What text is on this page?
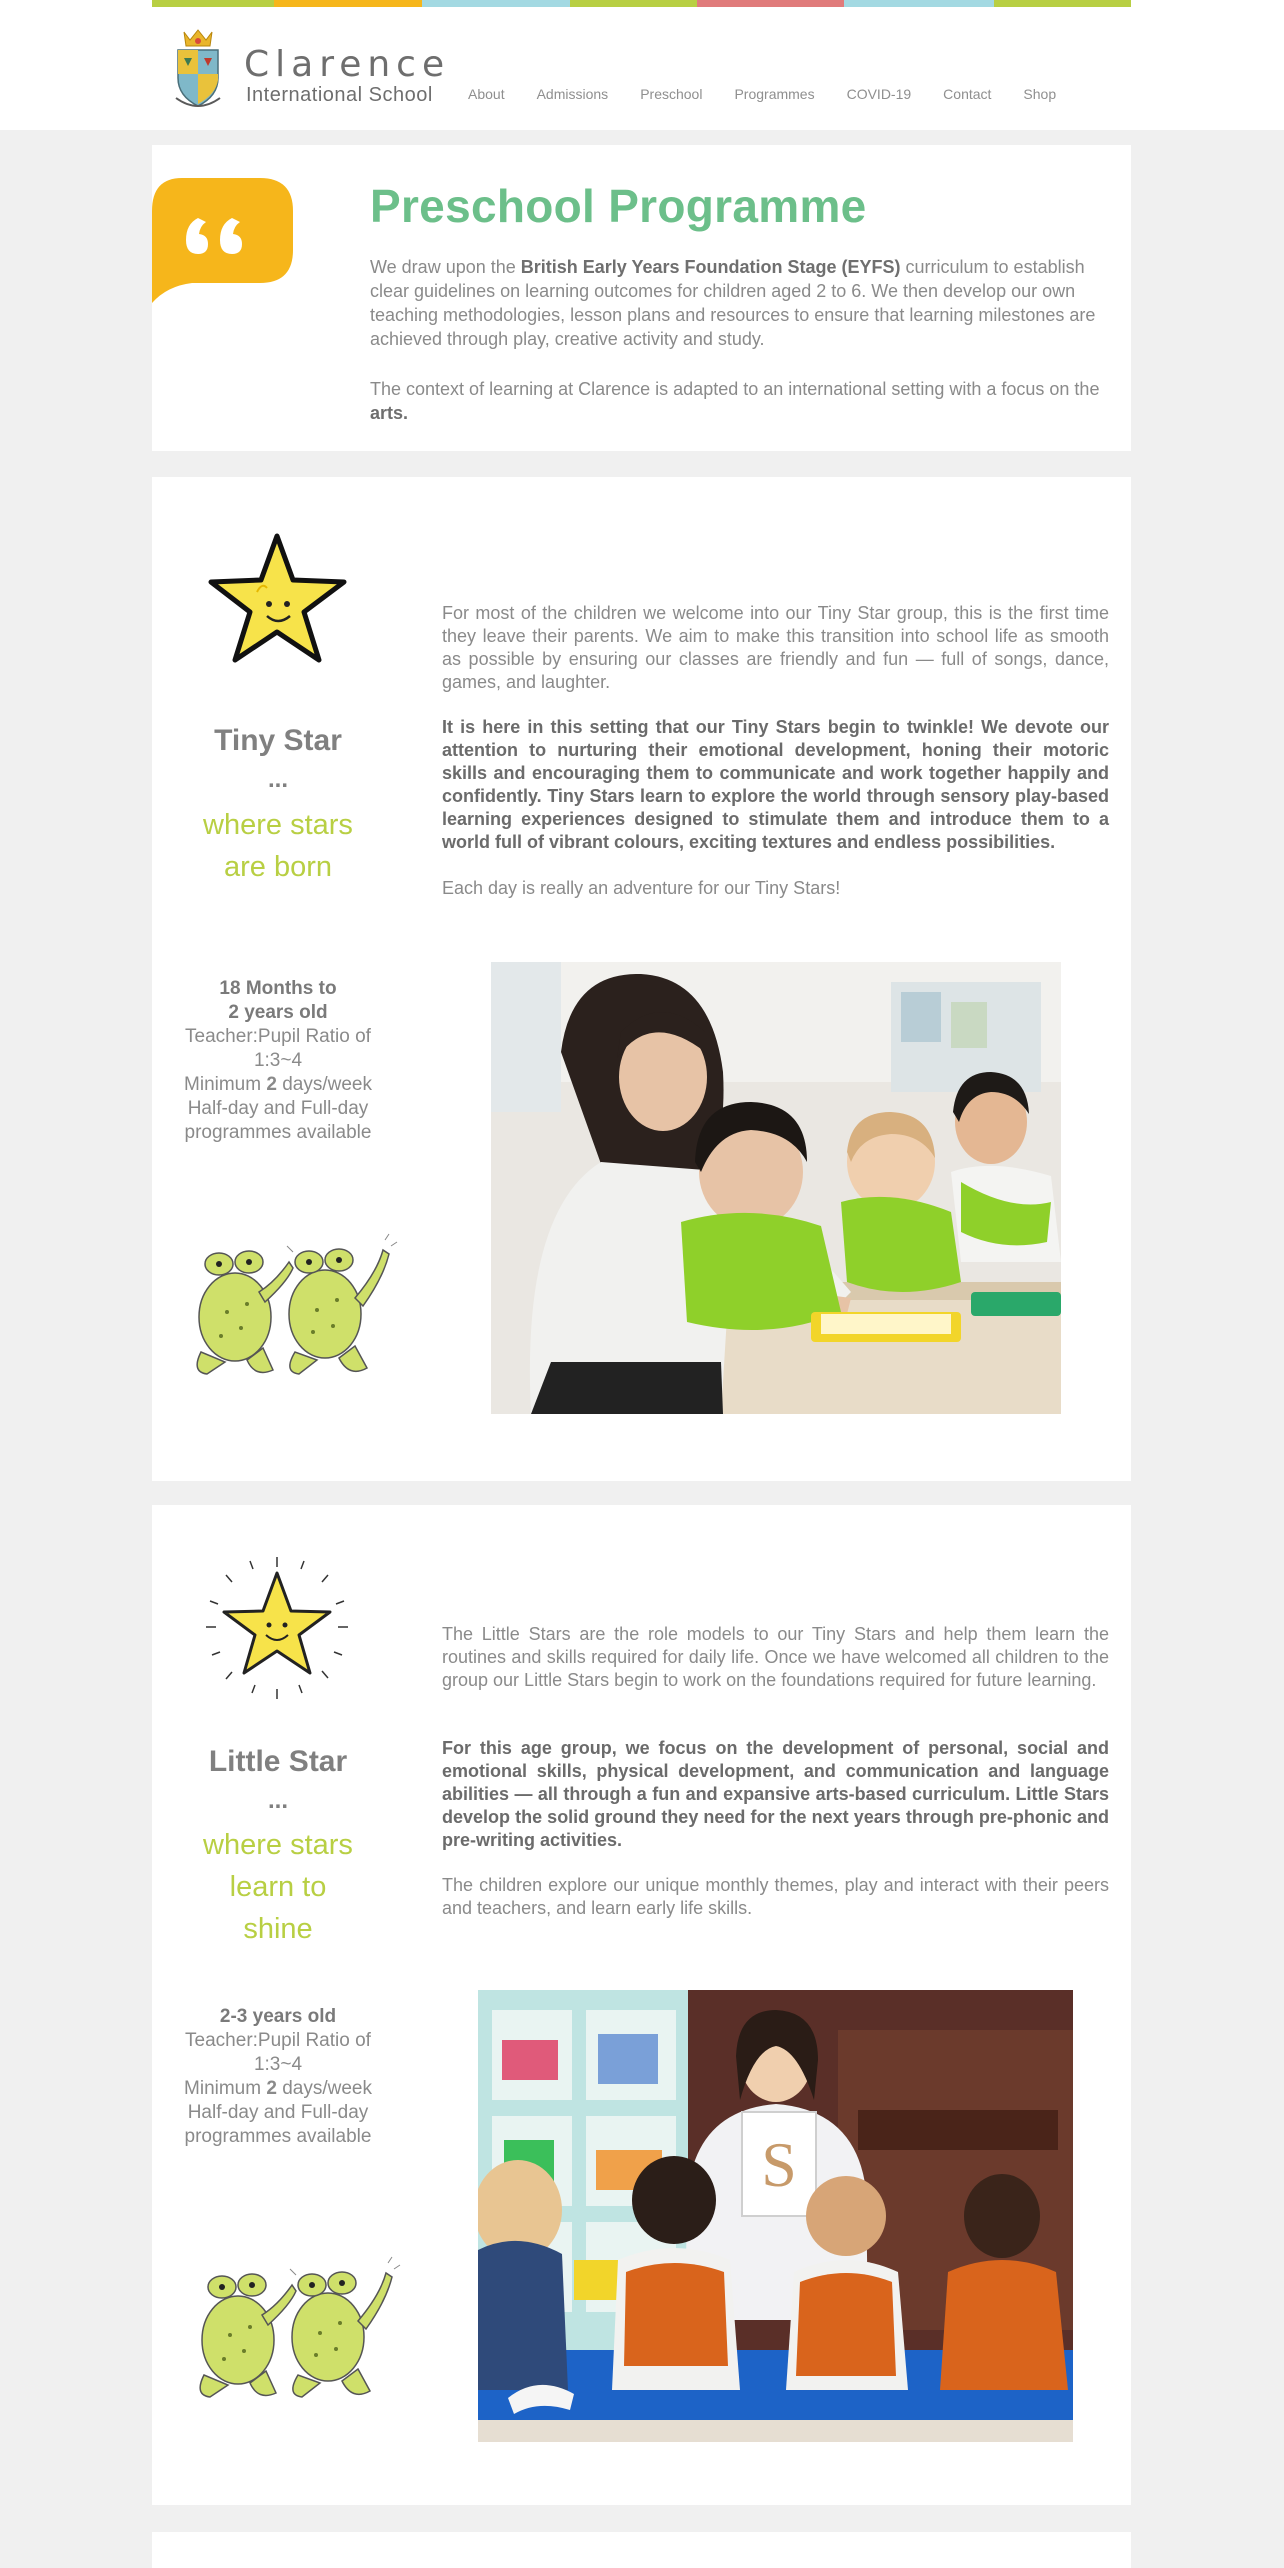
Clarence
International School	About	Admissions	Preschool	Programmes	COVID-19	Contact	Shop
Preschool Programme

We draw upon the British Early Years Foundation Stage (EYFS) curriculum to establish clear guidelines on learning outcomes for children aged 2 to 6. We then develop our own teaching methodologies, lesson plans and resources to ensure that learning milestones are achieved through play, creative activity and study.

The context of learning at Clarence is adapted to an international setting with a focus on the arts.

Tiny Star
...
where stars
are born

For most of the children we welcome into our Tiny Star group, this is the first time they leave their parents. We aim to make this transition into school life as smooth as possible by ensuring our classes are friendly and fun — full of songs, dance, games, and laughter.

It is here in this setting that our Tiny Stars begin to twinkle! We devote our attention to nurturing their emotional development, honing their motoric skills and encouraging them to communicate and work together happily and confidently. Tiny Stars learn to explore the world through sensory play-based learning experiences designed to stimulate them and introduce them to a world full of vibrant colours, exciting textures and endless possibilities.

Each day is really an adventure for our Tiny Stars!

18 Months to
2 years old
Teacher:Pupil Ratio of
1:3~4
Minimum 2 days/week
Half-day and Full-day
programmes available
Little Star
...
where stars
learn to
shine

The Little Stars are the role models to our Tiny Stars and help them learn the routines and skills required for daily life. Once we have welcomed all children to the group our Little Stars begin to work on the foundations required for future learning.

For this age group, we focus on the development of personal, social and emotional skills, physical development, and communication and language abilities — all through a fun and expansive arts-based curriculum. Little Stars develop the solid ground they need for the next years through pre-phonic and pre-writing activities.

The children explore our unique monthly themes, play and interact with their peers and teachers, and learn early life skills.

2-3 years old
Teacher:Pupil Ratio of
1:3~4
Minimum 2 days/week
Half-day and Full-day
programmes available	S
